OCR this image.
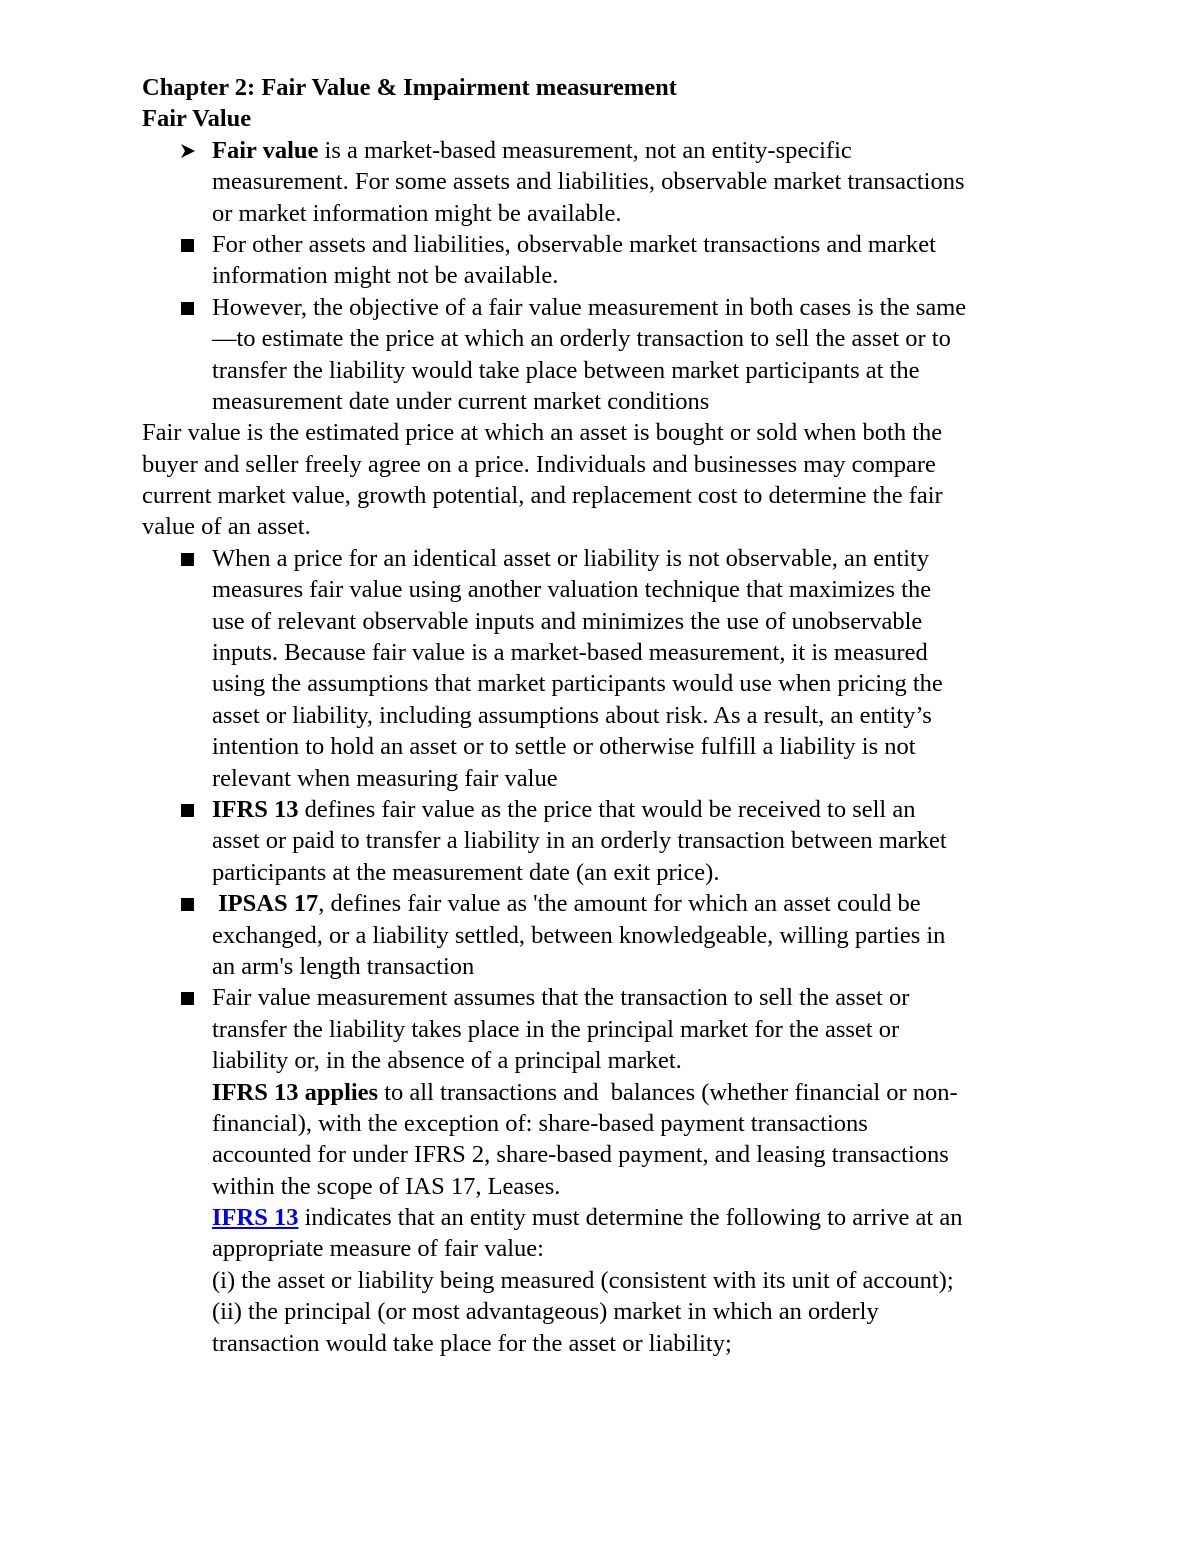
Chapter 2: Fair Value & Impairment measurement
Fair Value
Fair value is a market-based measurement, not an entity-specific
measurement. For some assets and liabilities, observable market transactions
or market information might be available.
For other assets and liabilities, observable market transactions and market
information might not be available.
However, the objective of a fair value measurement in both cases is the same
—to estimate the price at which an orderly transaction to sell the asset or to
transfer the liability would take place between market participants at the
measurement date under current market conditions
Fair value is the estimated price at which an asset is bought or sold when both the
buyer and seller freely agree on a price. Individuals and businesses may compare
current market value, growth potential, and replacement cost to determine the fair
value of an asset.
When a price for an identical asset or liability is not observable, an entity
measures fair value using another valuation technique that maximizes the
use of relevant observable inputs and minimizes the use of unobservable
inputs. Because fair value is a market-based measurement, it is measured
using the assumptions that market participants would use when pricing the
asset or liability, including assumptions about risk. As a result, an entity’s
intention to hold an asset or to settle or otherwise fulfill a liability is not
relevant when measuring fair value
IFRS 13 defines fair value as the price that would be received to sell an
asset or paid to transfer a liability in an orderly transaction between market
participants at the measurement date (an exit price).
IPSAS 17, defines fair value as 'the amount for which an asset could be
exchanged, or a liability settled, between knowledgeable, willing parties in
an arm's length transaction
Fair value measurement assumes that the transaction to sell the asset or
transfer the liability takes place in the principal market for the asset or
liability or, in the absence of a principal market.
IFRS 13 applies to all transactions and  balances (whether financial or non-
financial), with the exception of: share-based payment transactions
accounted for under IFRS 2, share-based payment, and leasing transactions
within the scope of IAS 17, Leases.
IFRS 13 indicates that an entity must determine the following to arrive at an
appropriate measure of fair value:
(i) the asset or liability being measured (consistent with its unit of account);
(ii) the principal (or most advantageous) market in which an orderly
transaction would take place for the asset or liability;
